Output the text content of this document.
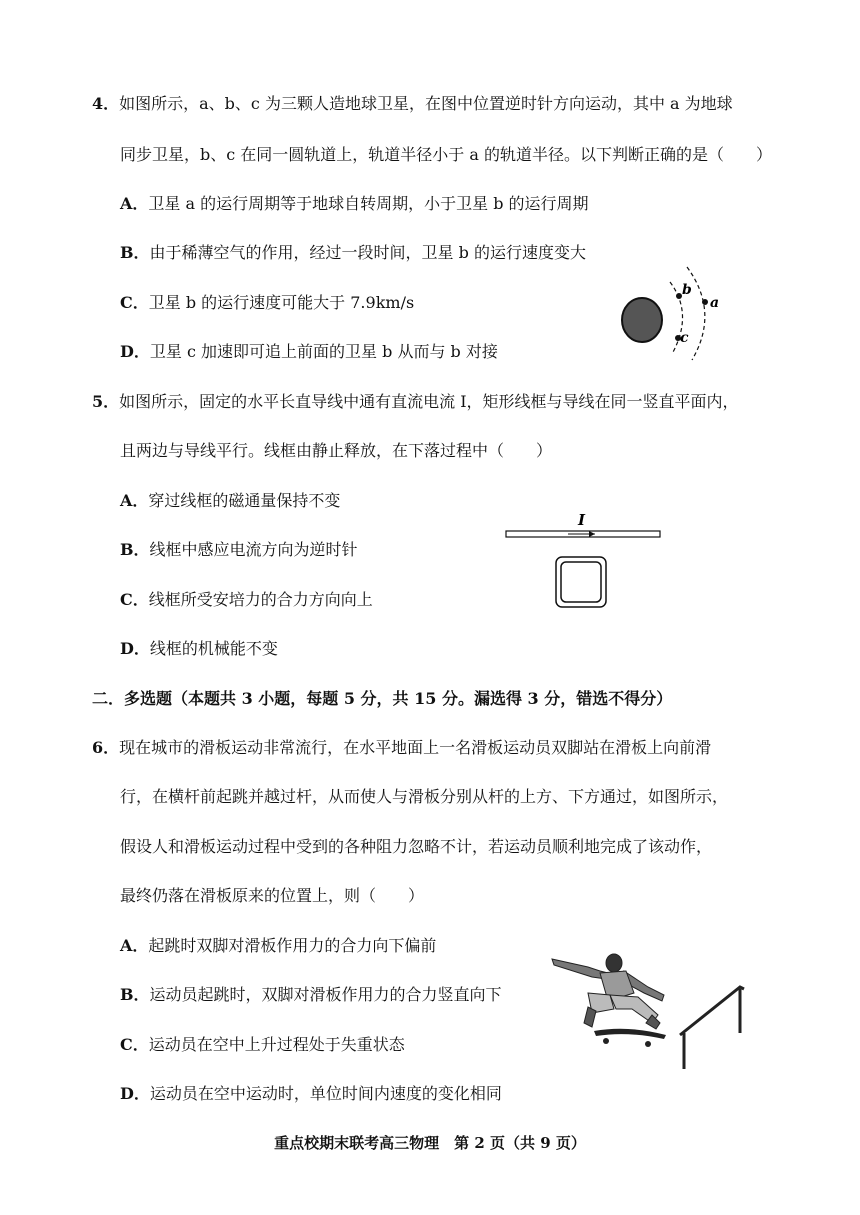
4．如图所示，a、b、c 为三颗人造地球卫星，在图中位置逆时针方向运动，其中 a 为地球
同步卫星，b、c 在同一圆轨道上，轨道半径小于 a 的轨道半径。以下判断正确的是（　　）
A．卫星 a 的运行周期等于地球自转周期，小于卫星 b 的运行周期
B．由于稀薄空气的作用，经过一段时间，卫星 b 的运行速度变大
C．卫星 b 的运行速度可能大于 7.9km/s
D．卫星 c 加速即可追上前面的卫星 b 从而与 b 对接
b
c
a
5．如图所示，固定的水平长直导线中通有直流电流 I，矩形线框与导线在同一竖直平面内，
且两边与导线平行。线框由静止释放，在下落过程中（　　）
A．穿过线框的磁通量保持不变
B．线框中感应电流方向为逆时针
C．线框所受安培力的合力方向向上
D．线框的机械能不变
I
二．多选题（本题共 3 小题，每题 5 分，共 15 分。漏选得 3 分，错选不得分）
6．现在城市的滑板运动非常流行，在水平地面上一名滑板运动员双脚站在滑板上向前滑
行，在横杆前起跳并越过杆，从而使人与滑板分别从杆的上方、下方通过，如图所示，
假设人和滑板运动过程中受到的各种阻力忽略不计，若运动员顺利地完成了该动作，
最终仍落在滑板原来的位置上，则（　　）
A．起跳时双脚对滑板作用力的合力向下偏前
B．运动员起跳时，双脚对滑板作用力的合力竖直向下
C．运动员在空中上升过程处于失重状态
D．运动员在空中运动时，单位时间内速度的变化相同
重点校期末联考高三物理　第 2 页（共 9 页）
